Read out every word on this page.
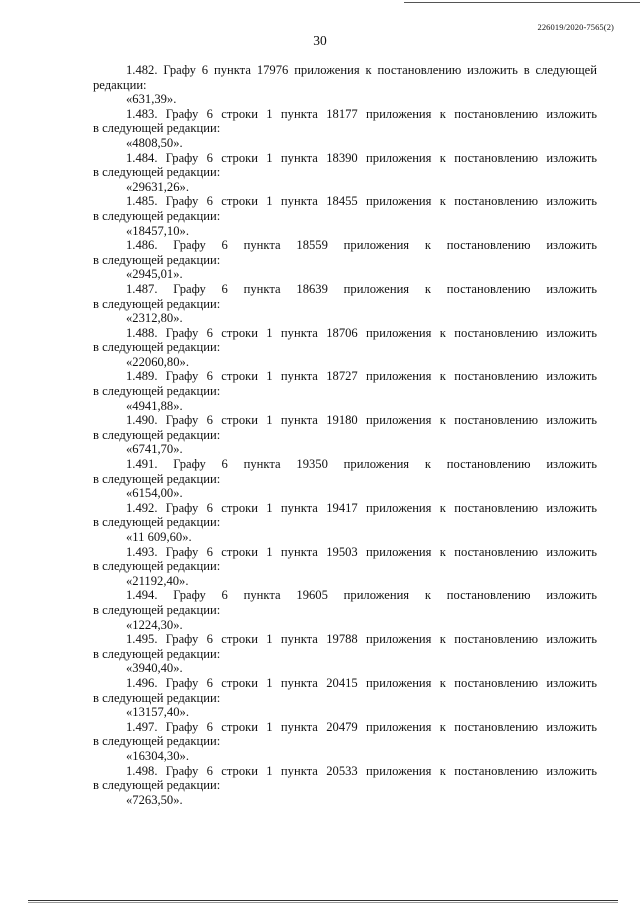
226019/2020-7565(2)
30
1.482. Графу 6 пункта 17976 приложения к постановлению изложить в следующей
редакции:
«631,39».
1.483. Графу 6 строки 1 пункта 18177 приложения к постановлению изложить
в следующей редакции:
«4808,50».
1.484. Графу 6 строки 1 пункта 18390 приложения к постановлению изложить
в следующей редакции:
«29631,26».
1.485. Графу 6 строки 1 пункта 18455 приложения к постановлению изложить
в следующей редакции:
«18457,10».
1.486. Графу 6 пункта 18559 приложения к постановлению изложить
в следующей редакции:
«2945,01».
1.487. Графу 6 пункта 18639 приложения к постановлению изложить
в следующей редакции:
«2312,80».
1.488. Графу 6 строки 1 пункта 18706 приложения к постановлению изложить
в следующей редакции:
«22060,80».
1.489. Графу 6 строки 1 пункта 18727 приложения к постановлению изложить
в следующей редакции:
«4941,88».
1.490. Графу 6 строки 1 пункта 19180 приложения к постановлению изложить
в следующей редакции:
«6741,70».
1.491. Графу 6 пункта 19350 приложения к постановлению изложить
в следующей редакции:
«6154,00».
1.492. Графу 6 строки 1 пункта 19417 приложения к постановлению изложить
в следующей редакции:
«11 609,60».
1.493. Графу 6 строки 1 пункта 19503 приложения к постановлению изложить
в следующей редакции:
«21192,40».
1.494. Графу 6 пункта 19605 приложения к постановлению изложить
в следующей редакции:
«1224,30».
1.495. Графу 6 строки 1 пункта 19788 приложения к постановлению изложить
в следующей редакции:
«3940,40».
1.496. Графу 6 строки 1 пункта 20415 приложения к постановлению изложить
в следующей редакции:
«13157,40».
1.497. Графу 6 строки 1 пункта 20479 приложения к постановлению изложить
в следующей редакции:
«16304,30».
1.498. Графу 6 строки 1 пункта 20533 приложения к постановлению изложить
в следующей редакции:
«7263,50».
